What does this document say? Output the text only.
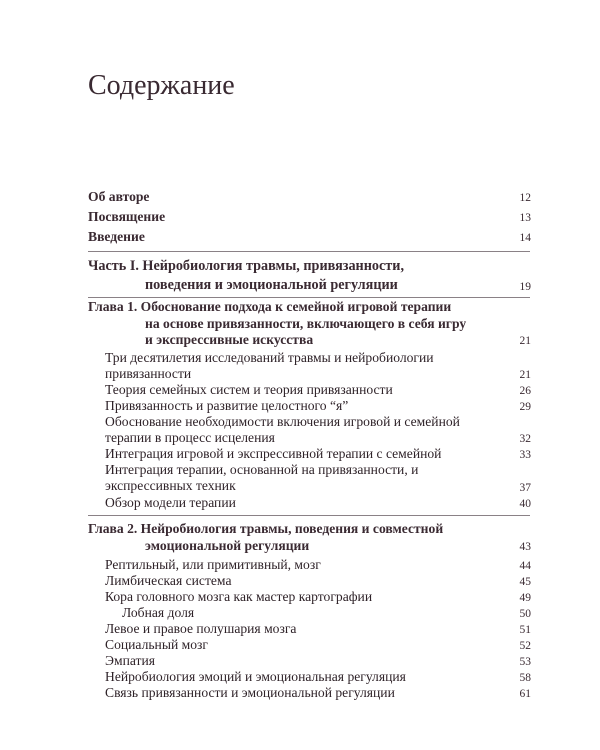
Содержание
Об авторе	12
Посвящение	13
Введение	14
Часть I. Нейробиология травмы, привязанности,
поведения и эмоциональной регуляции	19
Глава 1. Обоснование подхода к семейной игровой терапии
на основе привязанности, включающего в себя игру
и экспрессивные искусства	21
Три десятилетия исследований травмы и нейробиологии
привязанности	21
Теория семейных систем и теория привязанности	26
Привязанность и развитие целостного “я”	29
Обоснование необходимости включения игровой и семейной
терапии в процесс исцеления	32
Интеграция игровой и экспрессивной терапии с семейной	33
Интеграция терапии, основанной на привязанности, и
экспрессивных техник	37
Обзор модели терапии	40
Глава 2. Нейробиология травмы, поведения и совместной
эмоциональной регуляции	43
Рептильный, или примитивный, мозг	44
Лимбическая система	45
Кора головного мозга как мастер картографии	49
Лобная доля	50
Левое и правое полушария мозга	51
Социальный мозг	52
Эмпатия	53
Нейробиология эмоций и эмоциональная регуляция	58
Связь привязанности и эмоциональной регуляции	61
